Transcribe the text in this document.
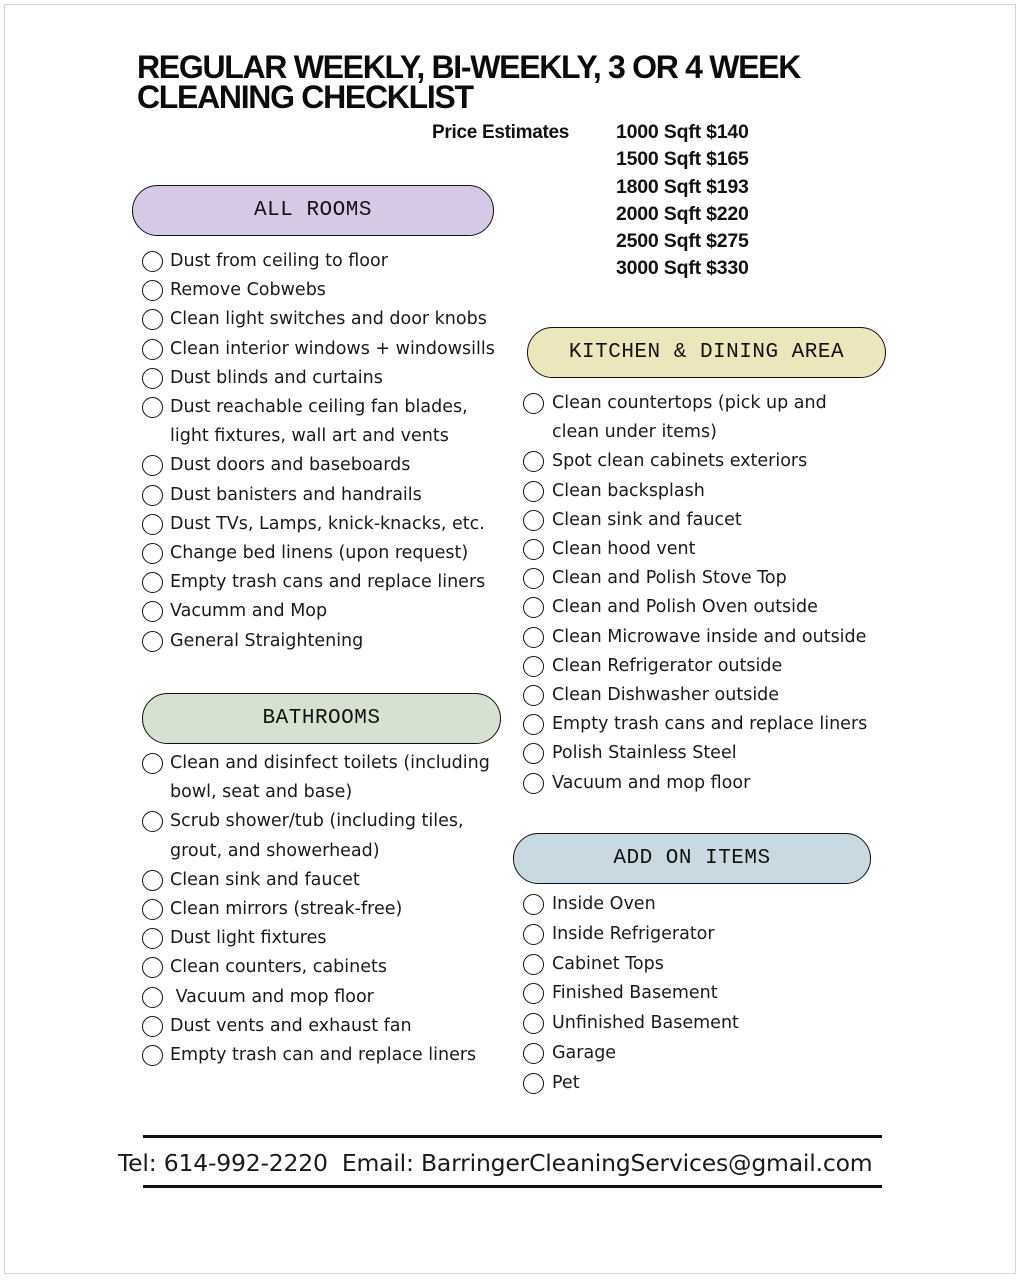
REGULAR WEEKLY, BI-WEEKLY, 3 OR 4 WEEK
CLEANING CHECKLIST
Price Estimates 1000 Sqft $140
1500 Sqft $165
1800 Sqft $193
2000 Sqft $220
2500 Sqft $275
3000 Sqft $330
ALL ROOMS
Dust from ceiling to floor
Remove Cobwebs
Clean light switches and door knobs
Clean interior windows + windowsills
Dust blinds and curtains
Dust reachable ceiling fan blades,
light fixtures, wall art and vents
Dust doors and baseboards
Dust banisters and handrails
Dust TVs, Lamps, knick-knacks, etc.
Change bed linens (upon request)
Empty trash cans and replace liners
Vacumm and Mop
General Straightening
BATHROOMS
Clean and disinfect toilets (including
bowl, seat and base)
Scrub shower/tub (including tiles,
grout, and showerhead)
Clean sink and faucet
Clean mirrors (streak-free)
Dust light fixtures
Clean counters, cabinets
Vacuum and mop floor
Dust vents and exhaust fan
Empty trash can and replace liners
KITCHEN & DINING AREA
Clean countertops (pick up and
clean under items)
Spot clean cabinets exteriors
Clean backsplash
Clean sink and faucet
Clean hood vent
Clean and Polish Stove Top
Clean and Polish Oven outside
Clean Microwave inside and outside
Clean Refrigerator outside
Clean Dishwasher outside
Empty trash cans and replace liners
Polish Stainless Steel
Vacuum and mop floor
ADD ON ITEMS
Inside Oven
Inside Refrigerator
Cabinet Tops
Finished Basement
Unfinished Basement
Garage
Pet
Tel: 614-992-2220 Email: BarringerCleaningServices@gmail.com
